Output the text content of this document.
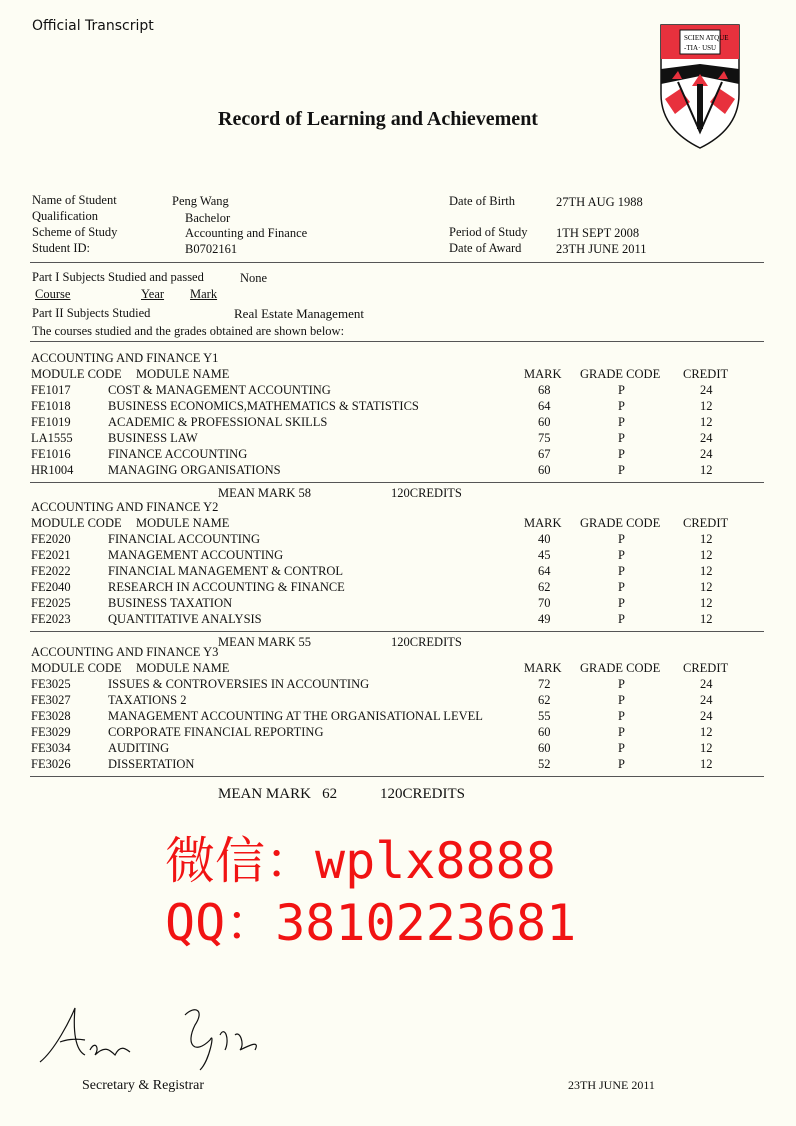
Official Transcript
Record of Learning and Achievement
SCIEN ATQUE
-TIA· USU
Name of Student	Peng Wang
Qualification	Bachelor
Scheme of Study	Accounting and Finance
Student ID:	B0702161
Date of Birth	27TH AUG 1988
Period of Study 1TH SEPT 2008
Date of Award	23TH JUNE 2011
Part I Subjects Studied and passed	None
Course	Year Mark
Part II Subjects Studied	Real Estate Management
The courses studied and the grades obtained are shown below:
ACCOUNTING AND FINANCE Y1
MODULE CODE MODULE NAME	MARK GRADE CODE CREDIT
FE1017	COST & MANAGEMENT ACCOUNTING	68	P	24
FE1018	BUSINESS ECONOMICS,MATHEMATICS & STATISTICS	64	P	12
FE1019	ACADEMIC & PROFESSIONAL SKILLS	60	P	12
LA1555	BUSINESS LAW	75	P	24
FE1016	FINANCE ACCOUNTING	67	P	24
HR1004	MANAGING ORGANISATIONS	60	P	12
MEAN MARK 58	120CREDITS
ACCOUNTING AND FINANCE Y2
MODULE CODE MODULE NAME	MARK GRADE CODE CREDIT
FE2020	FINANCIAL ACCOUNTING	40	P	12
FE2021	MANAGEMENT ACCOUNTING	45	P	12
FE2022	FINANCIAL MANAGEMENT & CONTROL	64	P	12
FE2040	RESEARCH IN ACCOUNTING & FINANCE	62	P	12
FE2025	BUSINESS TAXATION	70	P	12
FE2023	QUANTITATIVE ANALYSIS	49	P	12
MEAN MARK 55	120CREDITS
ACCOUNTING AND FINANCE Y3
MODULE CODE MODULE NAME	MARK GRADE CODE CREDIT
FE3025	ISSUES & CONTROVERSIES IN ACCOUNTING	72	P	24
FE3027	TAXATIONS 2	62	P	24
FE3028	MANAGEMENT ACCOUNTING AT THE ORGANISATIONAL LEVEL	55	P	24
FE3029	CORPORATE FINANCIAL REPORTING	60	P	12
FE3034	AUDITING	60	P	12
FE3026	DISSERTATION	52	P	12
MEAN MARK   62	120CREDITS
微信：wplx8888
QQ：3810223681
Secretary & Registrar	23TH JUNE 2011
